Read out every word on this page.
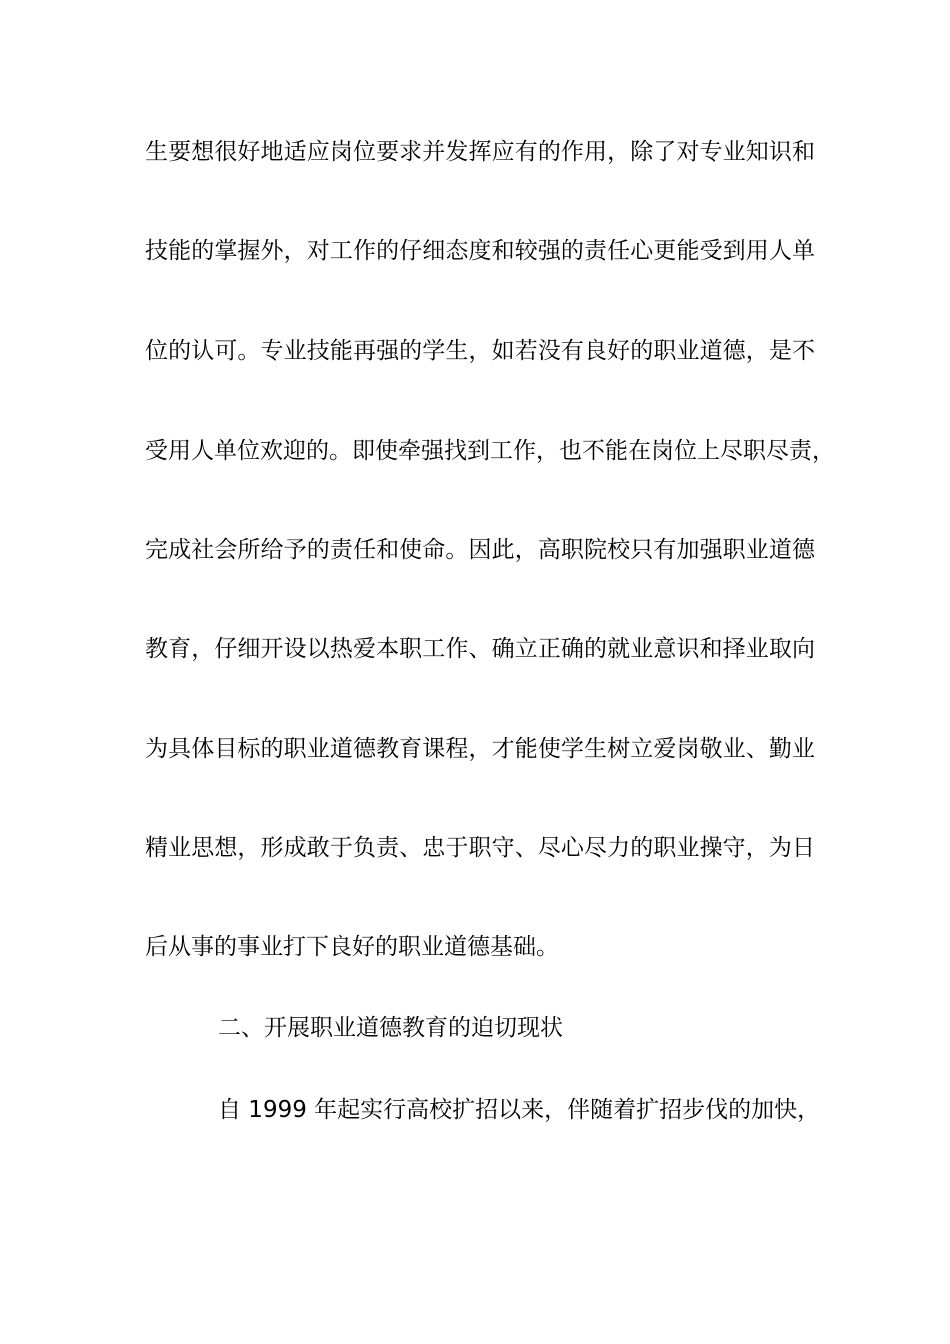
生要想很好地适应岗位要求并发挥应有的作用，除了对专业知识和
技能的掌握外，对工作的仔细态度和较强的责任心更能受到用人单
位的认可。专业技能再强的学生，如若没有良好的职业道德，是不
受用人单位欢迎的。即使牵强找到工作，也不能在岗位上尽职尽责，
完成社会所给予的责任和使命。因此，高职院校只有加强职业道德
教育，仔细开设以热爱本职工作、确立正确的就业意识和择业取向
为具体目标的职业道德教育课程，才能使学生树立爱岗敬业、勤业
精业思想，形成敢于负责、忠于职守、尽心尽力的职业操守，为日
后从事的事业打下良好的职业道德基础。
二、开展职业道德教育的迫切现状
自 1999 年起实行高校扩招以来，伴随着扩招步伐的加快，
